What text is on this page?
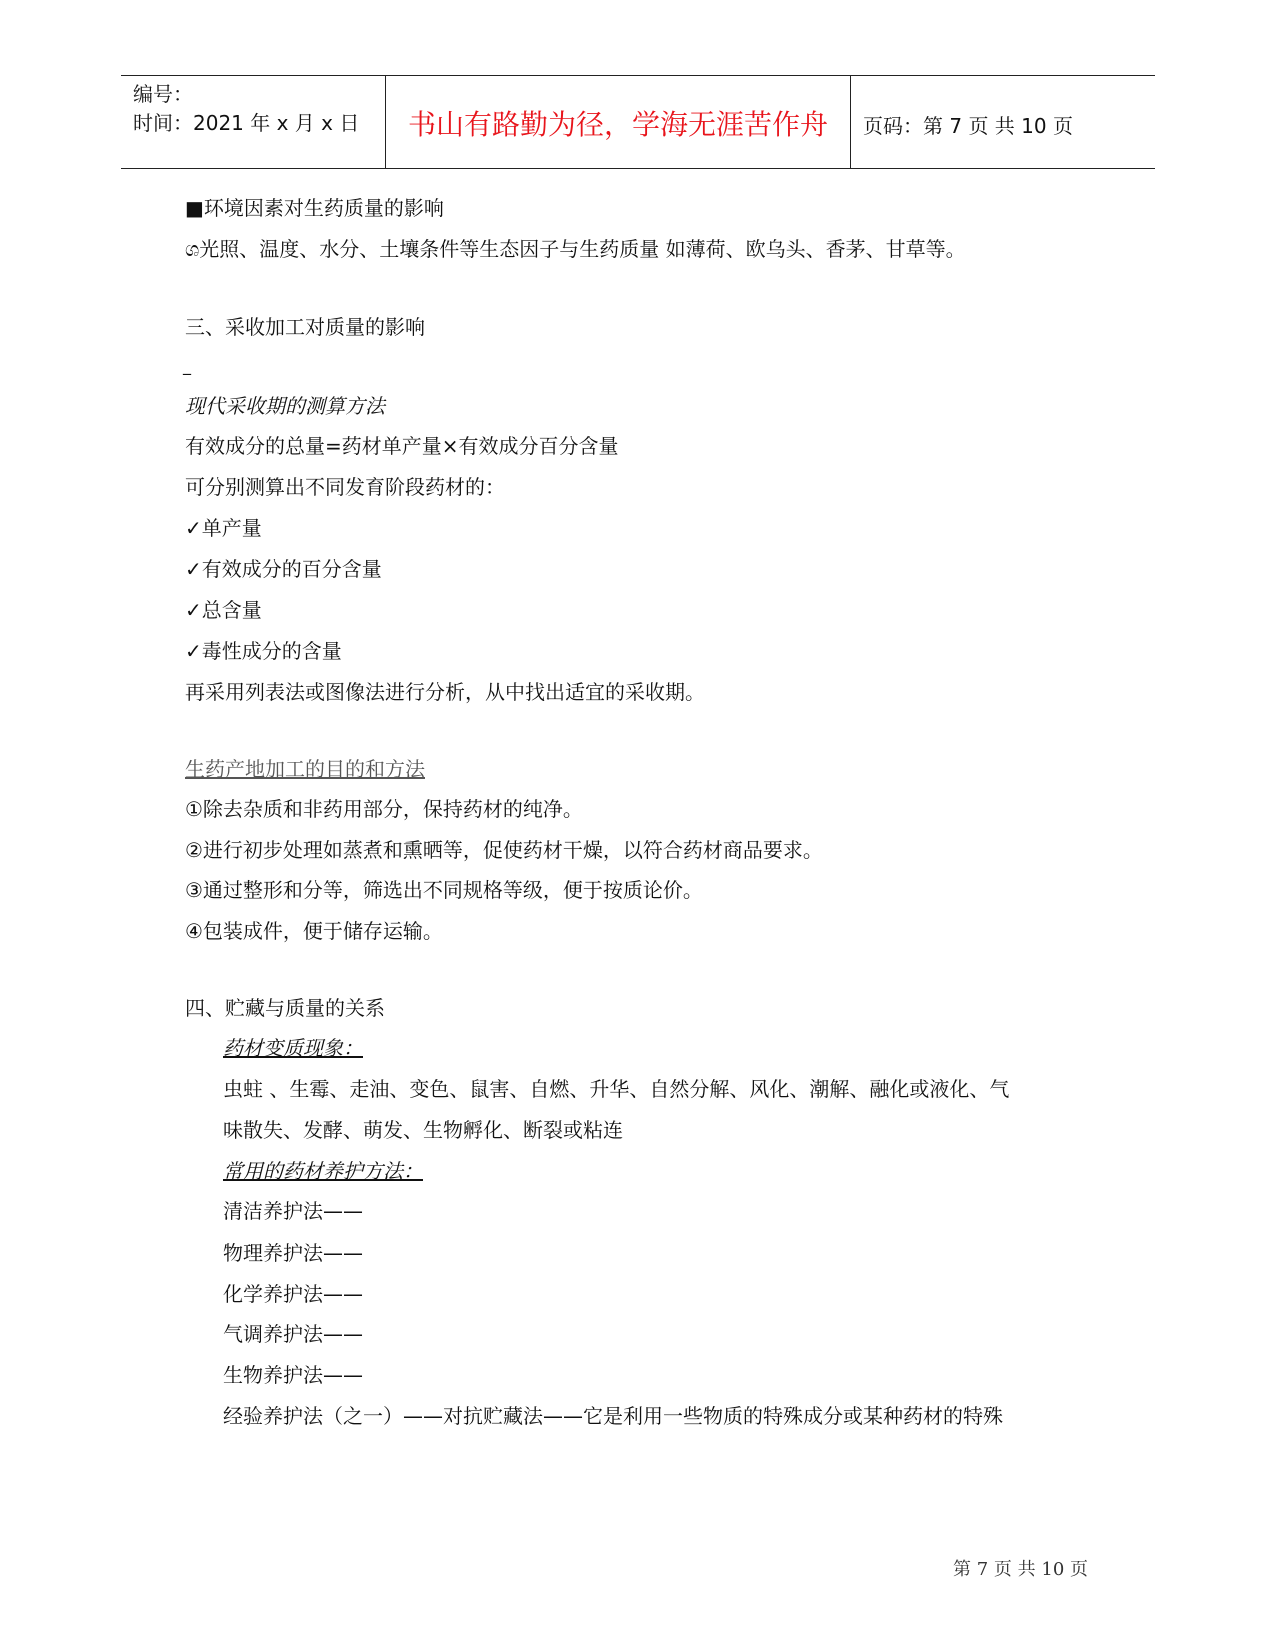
编号：
时间：2021 年 x 月 x 日	书山有路勤为径，学海无涯苦作舟	页码：第 7 页 共 10 页
■环境因素对生药质量的影响
ශ光照、温度、水分、土壤条件等生态因子与生药质量 如薄荷、欧乌头、香茅、甘草等。
三、采收加工对质量的影响
_
现代采收期的测算方法
有效成分的总量=药材单产量×有效成分百分含量
可分别测算出不同发育阶段药材的：
✓单产量
✓有效成分的百分含量
✓总含量
✓毒性成分的含量
再采用列表法或图像法进行分析，从中找出适宜的采收期。
生药产地加工的目的和方法
①除去杂质和非药用部分，保持药材的纯净。
②进行初步处理如蒸煮和熏晒等，促使药材干燥，以符合药材商品要求。
③通过整形和分等，筛选出不同规格等级，便于按质论价。
④包装成件，便于储存运输。
四、贮藏与质量的关系
药材变质现象：
虫蛀 、生霉、走油、变色、鼠害、自燃、升华、自然分解、风化、潮解、融化或液化、气
味散失、发酵、萌发、生物孵化、断裂或粘连
常用的药材养护方法：
清洁养护法——
物理养护法——
化学养护法——
气调养护法——
生物养护法——
经验养护法（之一）——对抗贮藏法——它是利用一些物质的特殊成分或某种药材的特殊
第 7 页 共 10 页
